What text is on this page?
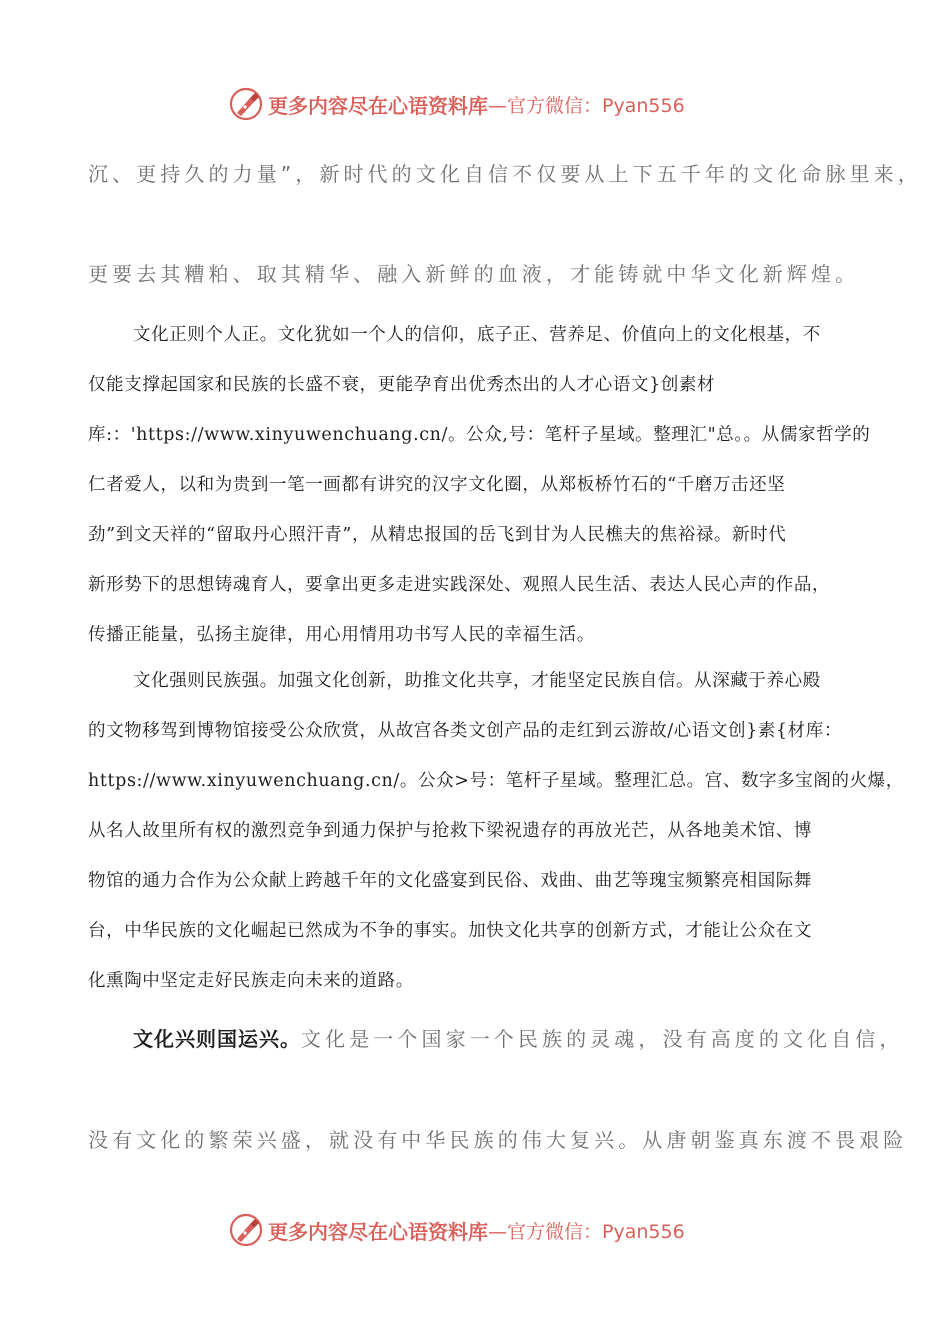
更多内容尽在心语资料库 —官方微信：Pyan556

沉、更持久的力量”，新时代的文化自信不仅要从上下五千年的文化命脉里来，

更要去其糟粕、取其精华、融入新鲜的血液，才能铸就中华文化新辉煌。

文化正则个人正。文化犹如一个人的信仰，底子正、营养足、价值向上的文化根基，不

仅能支撑起国家和民族的长盛不衰，更能孕育出优秀杰出的人才心语文}创素材

库:：'https://www.xinyuwenchuang.cn/。公众,号：笔杆子星域。整理汇"总。。从儒家哲学的

仁者爱人，以和为贵到一笔一画都有讲究的汉字文化圈，从郑板桥竹石的“千磨万击还坚

劲”到文天祥的“留取丹心照汗青”，从精忠报国的岳飞到甘为人民樵夫的焦裕禄。新时代

新形势下的思想铸魂育人，要拿出更多走进实践深处、观照人民生活、表达人民心声的作品，

传播正能量，弘扬主旋律，用心用情用功书写人民的幸福生活。

文化强则民族强。加强文化创新，助推文化共享，才能坚定民族自信。从深藏于养心殿

的文物移驾到博物馆接受公众欣赏，从故宫各类文创产品的走红到云游故/心语文创}素{材库：

https://www.xinyuwenchuang.cn/。公众>号：笔杆子星域。整理汇总。宫、数字多宝阁的火爆，

从名人故里所有权的激烈竞争到通力保护与抢救下梁祝遗存的再放光芒，从各地美术馆、博

物馆的通力合作为公众献上跨越千年的文化盛宴到民俗、戏曲、曲艺等瑰宝频繁亮相国际舞

台，中华民族的文化崛起已然成为不争的事实。加快文化共享的创新方式，才能让公众在文

化熏陶中坚定走好民族走向未来的道路。

文化兴则国运兴。文化是一个国家一个民族的灵魂，没有高度的文化自信，

没有文化的繁荣兴盛，就没有中华民族的伟大复兴。从唐朝鉴真东渡不畏艰险

更多内容尽在心语资料库 —官方微信：Pyan556
